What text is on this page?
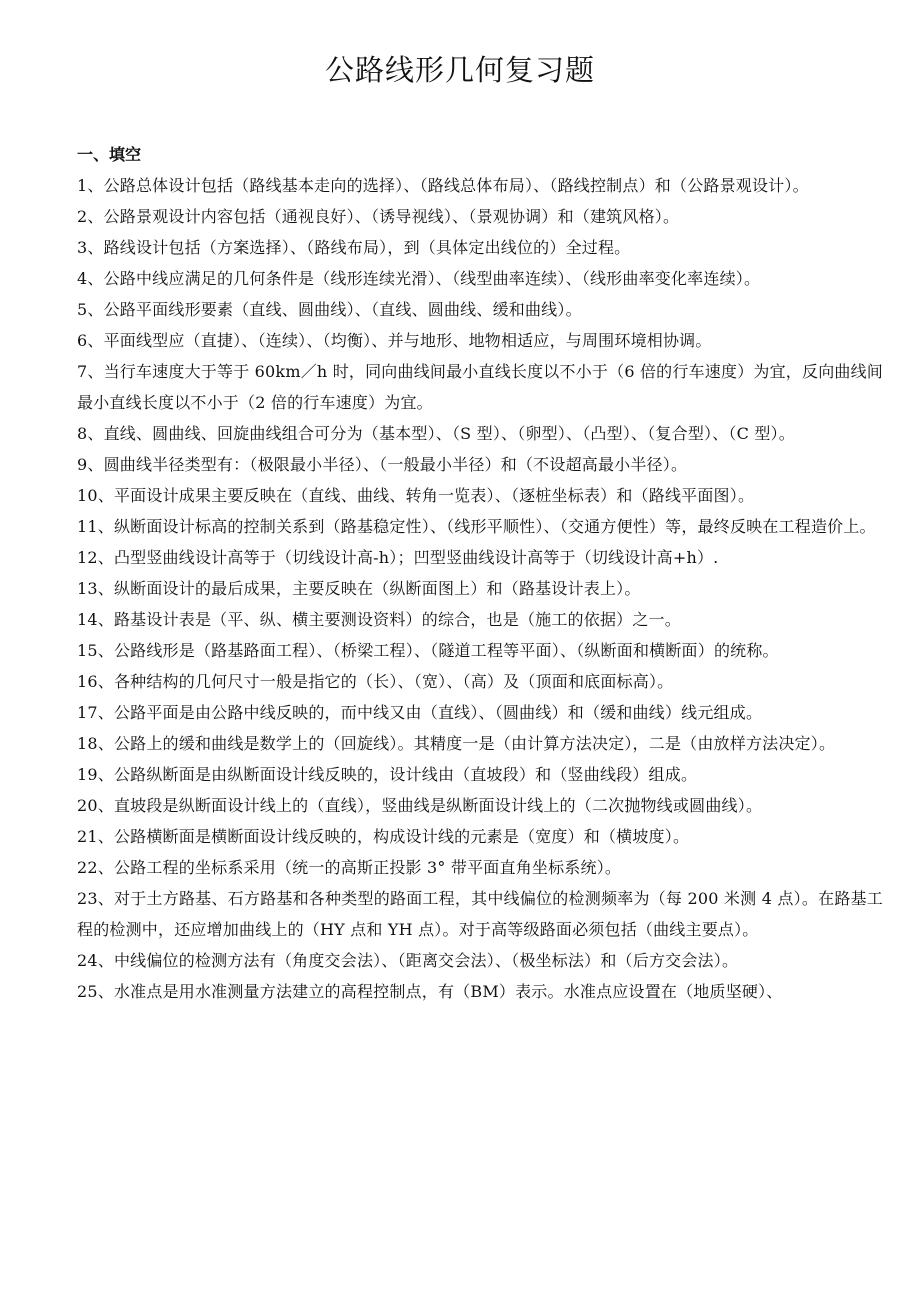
公路线形几何复习题

一、填空

1、公路总体设计包括（路线基本走向的选择）、（路线总体布局）、（路线控制点）和（公路景观设计）。

2、公路景观设计内容包括（通视良好）、（诱导视线）、（景观协调）和（建筑风格）。

3、路线设计包括（方案选择）、（路线布局），到（具体定出线位的）全过程。

4、公路中线应满足的几何条件是（线形连续光滑）、（线型曲率连续）、（线形曲率变化率连续）。

5、公路平面线形要素（直线、圆曲线）、（直线、圆曲线、缓和曲线）。

6、平面线型应（直捷）、（连续）、（均衡）、并与地形、地物相适应，与周围环境相协调。

7、当行车速度大于等于 60km／h 时，同向曲线间最小直线长度以不小于（6 倍的行车速度）为宜，反向曲线间最小直线长度以不小于（2 倍的行车速度）为宜。

8、直线、圆曲线、回旋曲线组合可分为（基本型）、（S 型）、（卵型）、（凸型）、（复合型）、（C 型）。

9、圆曲线半径类型有：（极限最小半径）、（一般最小半径）和（不设超高最小半径）。

10、平面设计成果主要反映在（直线、曲线、转角一览表）、（逐桩坐标表）和（路线平面图）。

11、纵断面设计标高的控制关系到（路基稳定性）、（线形平顺性）、（交通方便性）等，最终反映在工程造价上。

12、凸型竖曲线设计高等于（切线设计高-h）；凹型竖曲线设计高等于（切线设计高+h）.

13、纵断面设计的最后成果，主要反映在（纵断面图上）和（路基设计表上）。

14、路基设计表是（平、纵、横主要测设资料）的综合，也是（施工的依据）之一。

15、公路线形是（路基路面工程）、（桥梁工程）、（隧道工程等平面）、（纵断面和横断面）的统称。

16、各种结构的几何尺寸一般是指它的（长）、（宽）、（高）及（顶面和底面标高）。

17、公路平面是由公路中线反映的，而中线又由（直线）、（圆曲线）和（缓和曲线）线元组成。

18、公路上的缓和曲线是数学上的（回旋线）。其精度一是（由计算方法决定），二是（由放样方法决定）。

19、公路纵断面是由纵断面设计线反映的，设计线由（直坡段）和（竖曲线段）组成。

20、直坡段是纵断面设计线上的（直线），竖曲线是纵断面设计线上的（二次抛物线或圆曲线）。

21、公路横断面是横断面设计线反映的，构成设计线的元素是（宽度）和（横坡度）。

22、公路工程的坐标系采用（统一的高斯正投影 3° 带平面直角坐标系统）。

23、对于土方路基、石方路基和各种类型的路面工程，其中线偏位的检测频率为（每 200 米测 4 点）。在路基工程的检测中，还应增加曲线上的（HY 点和 YH 点）。对于高等级路面必须包括（曲线主要点）。

24、中线偏位的检测方法有（角度交会法）、（距离交会法）、（极坐标法）和（后方交会法）。

25、水准点是用水准测量方法建立的高程控制点，有（BM）表示。水准点应设置在（地质坚硬）、
